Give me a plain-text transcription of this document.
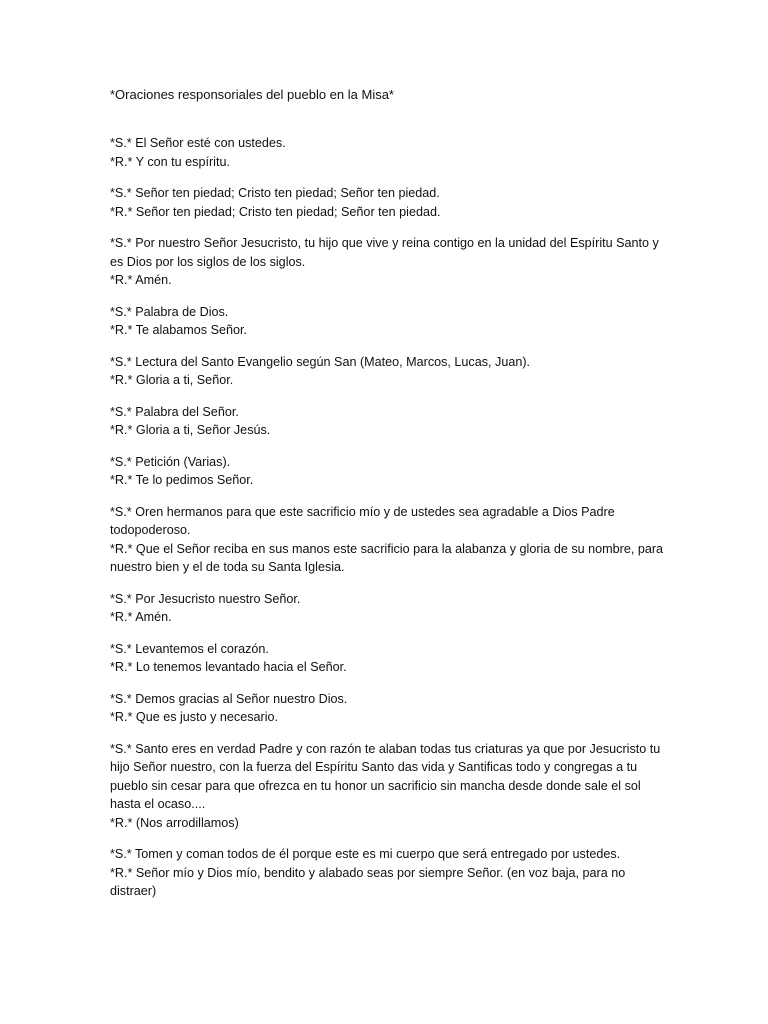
*Oraciones responsoriales del pueblo en la Misa*

*S.* El Señor esté con ustedes.

*R.* Y con tu espíritu.

*S.* Señor ten piedad; Cristo ten piedad; Señor ten piedad.

*R.* Señor ten piedad; Cristo ten piedad; Señor ten piedad.

*S.* Por nuestro Señor Jesucristo, tu hijo que vive y reina contigo en la unidad del Espíritu Santo y es Dios por los siglos de los siglos.

*R.* Amén.

*S.* Palabra de Dios.

*R.* Te alabamos Señor.

*S.* Lectura del Santo Evangelio según San (Mateo, Marcos, Lucas, Juan).

*R.* Gloria a ti, Señor.

*S.* Palabra del Señor.

*R.* Gloria a ti, Señor Jesús.

*S.* Petición (Varias).

*R.* Te lo pedimos Señor.

*S.* Oren hermanos para que este sacrificio mío y de ustedes sea agradable a Dios Padre todopoderoso.

*R.* Que el Señor reciba en sus manos este sacrificio para la alabanza y gloria de su nombre, para nuestro bien y el de toda su Santa Iglesia.

*S.* Por Jesucristo nuestro Señor.

*R.* Amén.

*S.* Levantemos el corazón.

*R.* Lo tenemos levantado hacia el Señor.

*S.* Demos gracias al Señor nuestro Dios.

*R.* Que es justo y necesario.

*S.* Santo eres en verdad Padre y con razón te alaban todas tus criaturas ya que por Jesucristo tu hijo Señor nuestro, con la fuerza del Espíritu Santo das vida y Santificas todo y congregas a tu pueblo sin cesar para que ofrezca en tu honor un sacrificio sin mancha desde donde sale el sol hasta el ocaso....

*R.* (Nos arrodillamos)

*S.* Tomen y coman todos de él porque este es mi cuerpo que será entregado por ustedes.

*R.* Señor mío y Dios mío, bendito y alabado seas por siempre Señor. (en voz baja, para no distraer)
